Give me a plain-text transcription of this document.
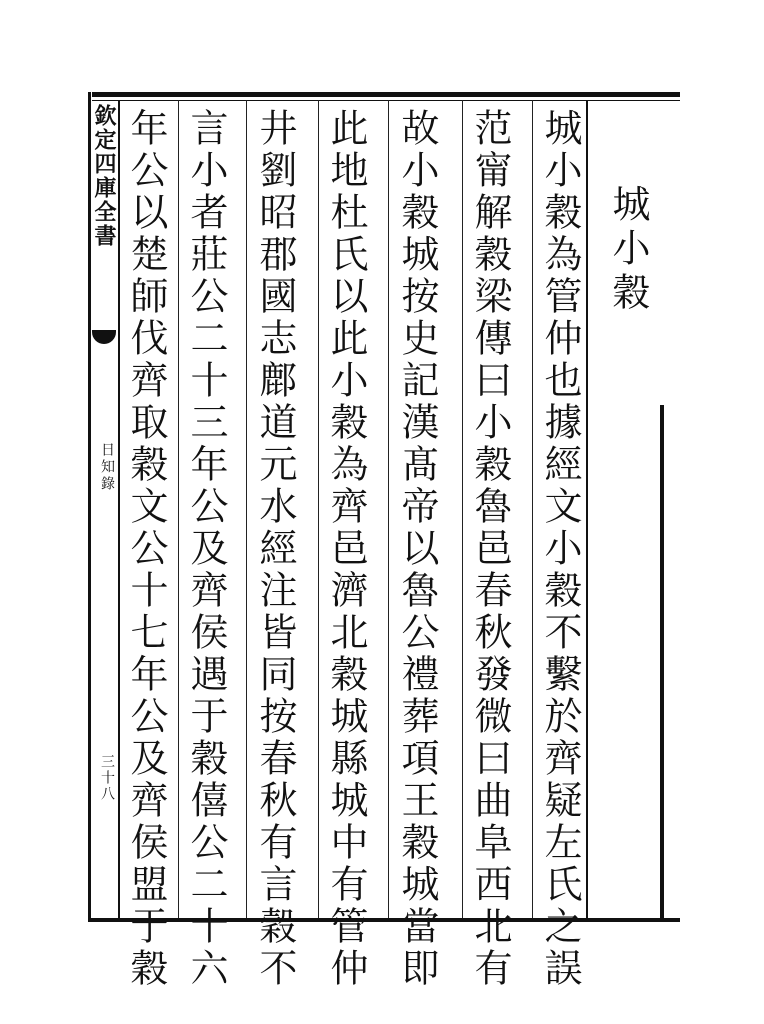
欽定四庫全書
日知錄
三十八
城小穀
城小穀為管仲也據經文小穀不繫於齊疑左氏之誤
范甯解穀梁傳曰小穀魯邑春秋發微曰曲阜西北有
故小穀城按史記漢髙帝以魯公禮葬項王穀城當即
此地杜氏以此小穀為齊邑濟北穀城縣城中有管仲
井劉昭郡國志鄜道元水經注皆同按春秋有言穀不
言小者莊公二十三年公及齊侯遇于穀僖公二十六
年公以楚師伐齊取穀文公十七年公及齊侯盟于穀
